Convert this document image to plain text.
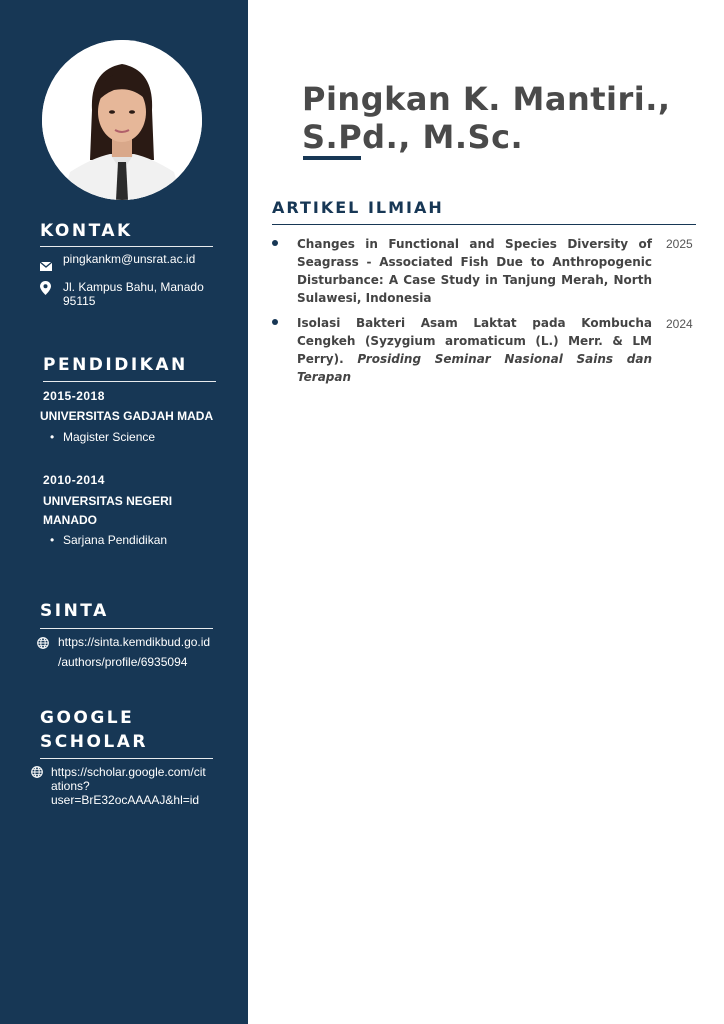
KONTAK
pingkankm@unsrat.ac.id
Jl. Kampus Bahu, Manado
95115
PENDIDIKAN
2015-2018
UNIVERSITAS GADJAH MADA
• Magister Science
2010-2014
UNIVERSITAS NEGERI
MANADO
• Sarjana Pendidikan
SINTA
https://sinta.kemdikbud.go.id
/authors/profile/6935094
GOOGLE
SCHOLAR
https://scholar.google.com/cit
ations?
user=BrE32ocAAAAJ&hl=id
Pingkan K. Mantiri.,
S.Pd., M.Sc.
ARTIKEL ILMIAH
Changes in Functional and Species Diversity of Seagrass - Associated Fish Due to Anthropogenic Disturbance: A Case Study in Tanjung Merah, North Sulawesi, Indonesia
2025
Isolasi Bakteri Asam Laktat pada Kombucha Cengkeh (Syzygium aromaticum (L.) Merr. & LM Perry). Prosiding Seminar Nasional Sains dan Terapan
2024
